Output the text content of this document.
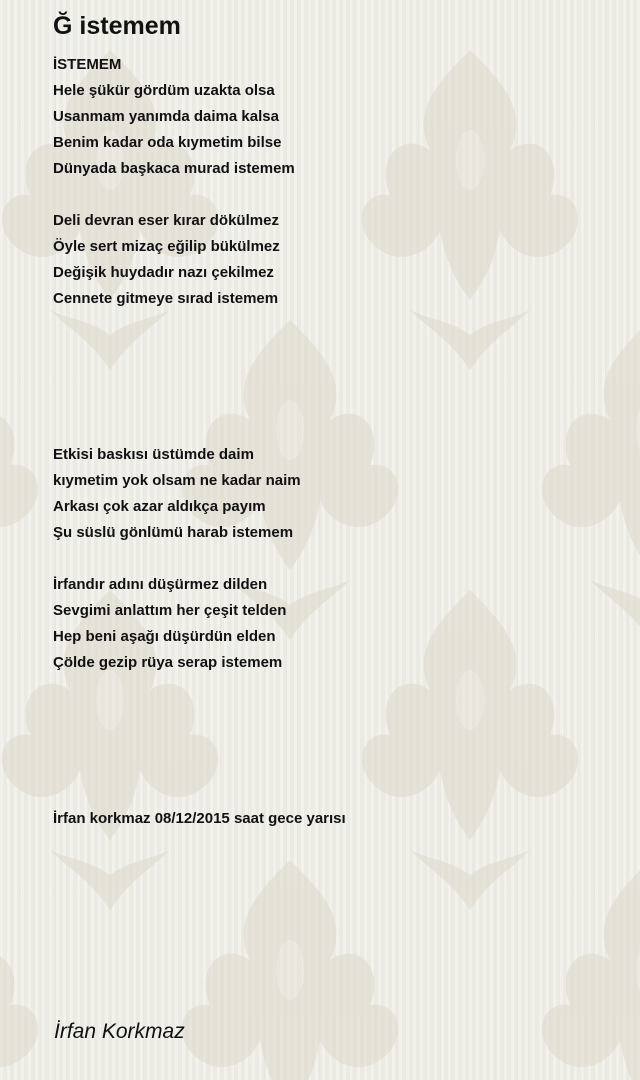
Ğ istemem
İSTEMEM
Hele şükür gördüm uzakta olsa
Usanmam yanımda daima kalsa
Benim kadar oda kıymetim bilse
Dünyada başkaca murad istemem
Deli devran eser kırar dökülmez
Öyle sert mizaç eğilip bükülmez
Değişik huydadır nazı çekilmez
Cennete gitmeye sırad istemem
Etkisi baskısı üstümde daim
kıymetim yok olsam ne kadar naim
Arkası çok azar aldıkça payım
Şu süslü gönlümü harab istemem
İrfandır adını düşürmez dilden
Sevgimi anlattım her çeşit telden
Hep beni aşağı düşürdün elden
Çölde gezip rüya serap istemem
İrfan korkmaz 08/12/2015 saat gece yarısı
İrfan Korkmaz
